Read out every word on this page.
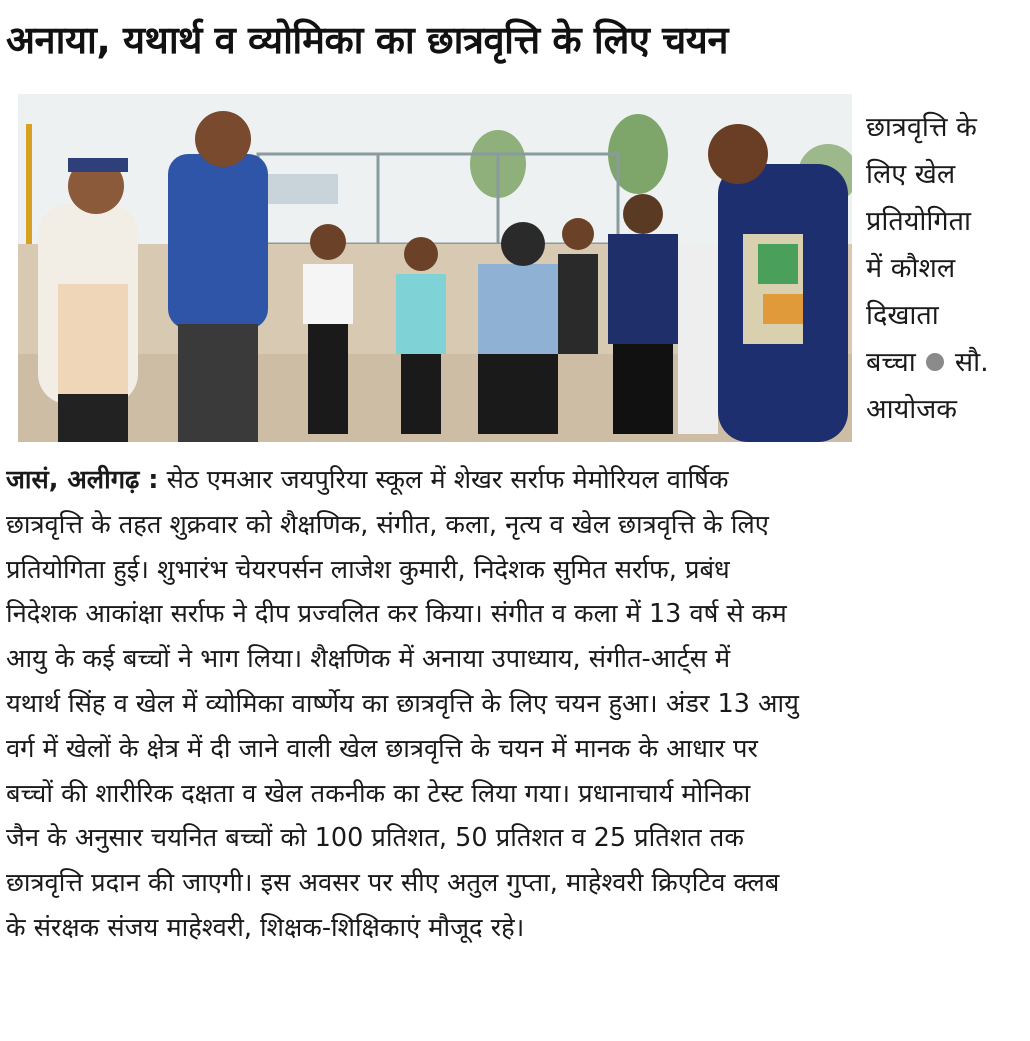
अनाया, यथार्थ व व्योमिका का छात्रवृत्ति के लिए चयन
छात्रवृत्ति के
लिए खेल
प्रतियोगिता
में कौशल
दिखाता
बच्चा सौ.
आयोजक
जासं, अलीगढ़ : सेठ एमआर जयपुरिया स्कूल में शेखर सर्राफ मेमोरियल वार्षिक
छात्रवृत्ति के तहत शुक्रवार को शैक्षणिक, संगीत, कला, नृत्य व खेल छात्रवृत्ति के लिए
प्रतियोगिता हुई। शुभारंभ चेयरपर्सन लाजेश कुमारी, निदेशक सुमित सर्राफ, प्रबंध
निदेशक आकांक्षा सर्राफ ने दीप प्रज्वलित कर किया। संगीत व कला में 13 वर्ष से कम
आयु के कई बच्चों ने भाग लिया। शैक्षणिक में अनाया उपाध्याय, संगीत-आर्ट्स में
यथार्थ सिंह व खेल में व्योमिका वार्ष्णेय का छात्रवृत्ति के लिए चयन हुआ। अंडर 13 आयु
वर्ग में खेलों के क्षेत्र में दी जाने वाली खेल छात्रवृत्ति के चयन में मानक के आधार पर
बच्चों की शारीरिक दक्षता व खेल तकनीक का टेस्ट लिया गया। प्रधानाचार्य मोनिका
जैन के अनुसार चयनित बच्चों को 100 प्रतिशत, 50 प्रतिशत व 25 प्रतिशत तक
छात्रवृत्ति प्रदान की जाएगी। इस अवसर पर सीए अतुल गुप्ता, माहेश्वरी क्रिएटिव क्लब
के संरक्षक संजय माहेश्वरी, शिक्षक-शिक्षिकाएं मौजूद रहे।
